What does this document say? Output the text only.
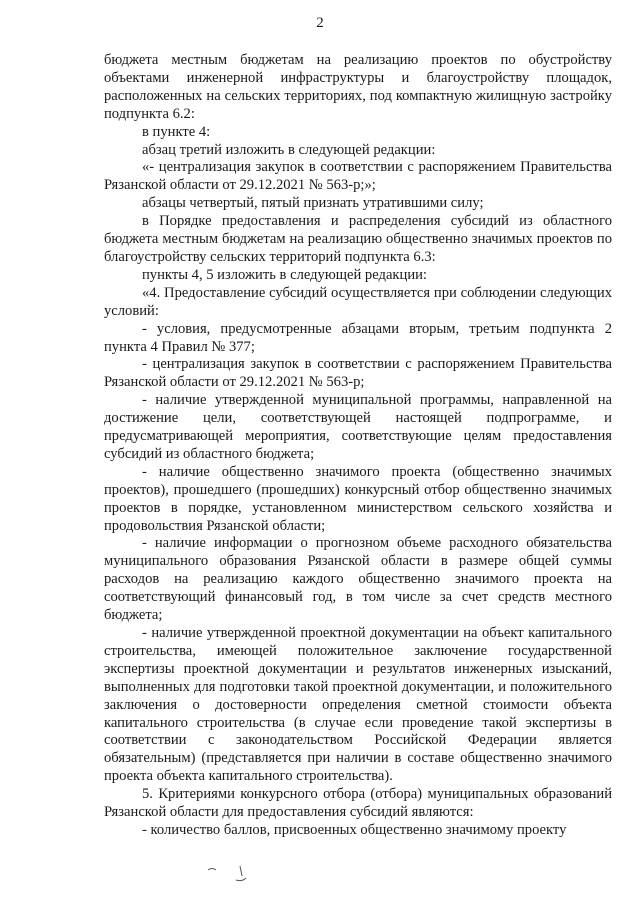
2

бюджета местным бюджетам на реализацию проектов по обустройству объектами инженерной инфраструктуры и благоустройству площадок, расположенных на сельских территориях, под компактную жилищную застройку подпункта 6.2:

в пункте 4:

абзац третий изложить в следующей редакции:

«- централизация закупок в соответствии с распоряжением Правительства Рязанской области от 29.12.2021 № 563-р;»;

абзацы четвертый, пятый признать утратившими силу;

в Порядке предоставления и распределения субсидий из областного бюджета местным бюджетам на реализацию общественно значимых проектов по благоустройству сельских территорий подпункта 6.3:

пункты 4, 5 изложить в следующей редакции:

«4. Предоставление субсидий осуществляется при соблюдении следующих условий:

- условия, предусмотренные абзацами вторым, третьим подпункта 2 пункта 4 Правил № 377;

- централизация закупок в соответствии с распоряжением Правительства Рязанской области от 29.12.2021 № 563-р;

- наличие утвержденной муниципальной программы, направленной на достижение цели, соответствующей настоящей подпрограмме, и предусматривающей мероприятия, соответствующие целям предоставления субсидий из областного бюджета;

- наличие общественно значимого проекта (общественно значимых проектов), прошедшего (прошедших) конкурсный отбор общественно значимых проектов в порядке, установленном министерством сельского хозяйства и продовольствия Рязанской области;

- наличие информации о прогнозном объеме расходного обязательства муниципального образования Рязанской области в размере общей суммы расходов на реализацию каждого общественно значимого проекта на соответствующий финансовый год, в том числе за счет средств местного бюджета;

- наличие утвержденной проектной документации на объект капитального строительства, имеющей положительное заключение государственной экспертизы проектной документации и результатов инженерных изысканий, выполненных для подготовки такой проектной документации, и положительного заключения о достоверности определения сметной стоимости объекта капитального строительства (в случае если проведение такой экспертизы в соответствии с законодательством Российской Федерации является обязательным) (представляется при наличии в составе общественно значимого проекта объекта капитального строительства).

5. Критериями конкурсного отбора (отбора) муниципальных образований Рязанской области для предоставления субсидий являются:

- количество баллов, присвоенных общественно значимому проекту
